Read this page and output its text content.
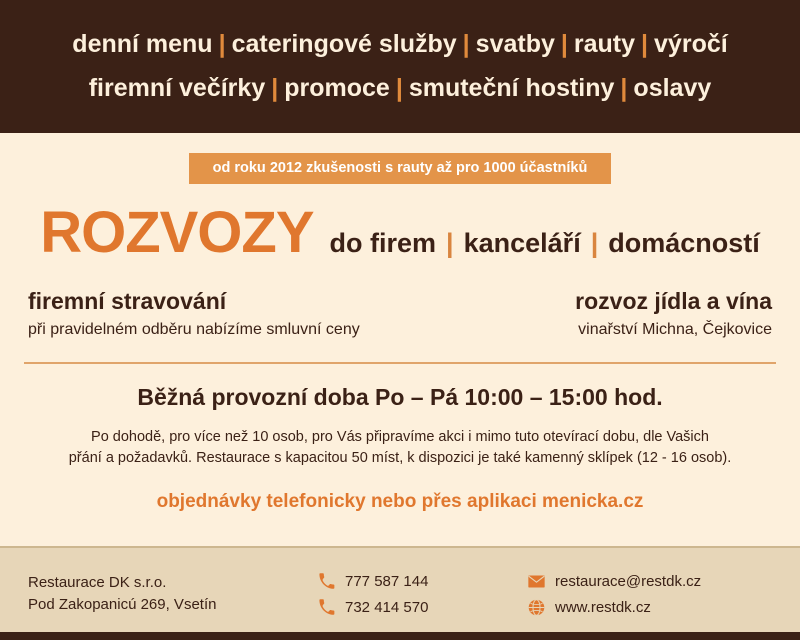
denní menu | cateringové služby | svatby | rauty | výročí
firemní večírky | promoce | smuteční hostiny | oslavy
od roku 2012 zkušenosti s rauty až pro 1000 účastníků
ROZVOZY do firem | kanceláří | domácností
firemní stravování
při pravidelném odběru nabízíme smluvní ceny
rozvoz jídla a vína
vinařství Michna, Čejkovice
Běžná provozní doba Po – Pá 10:00 – 15:00 hod.
Po dohodě, pro více než 10 osob, pro Vás připravíme akci i mimo tuto otevírací dobu, dle Vašich
přání a požadavků. Restaurace s kapacitou 50 míst, k dispozici je také kamenný sklípek (12 - 16 osob).
objednávky telefonicky nebo přes aplikaci menicka.cz
Restaurace DK s.r.o.
Pod Zakopanicú 269, Vsetín
777 587 144
732 414 570
restaurace@restdk.cz
www.restdk.cz
